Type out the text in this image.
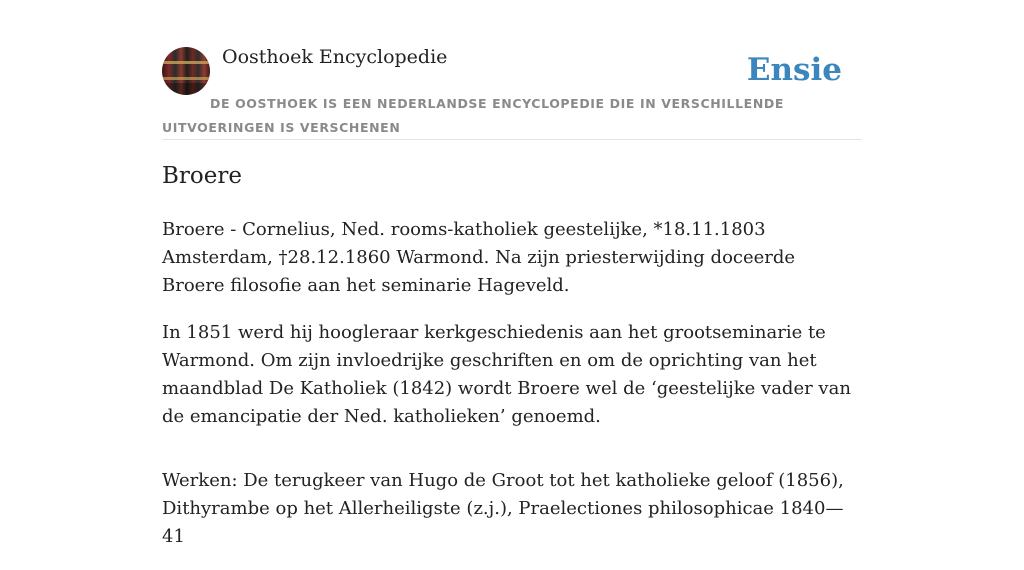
Oosthoek Encyclopedie	Ensie
DE OOSTHOEK IS EEN NEDERLANDSE ENCYCLOPEDIE DIE IN VERSCHILLENDE UITVOERINGEN IS VERSCHENEN
Broere

Broere - Cornelius, Ned. rooms-katholiek geestelijke, *18.11.1803 Amsterdam, †28.12.1860 Warmond. Na zijn priesterwijding doceerde Broere filosofie aan het seminarie Hageveld.

In 1851 werd hij hoogleraar kerkgeschiedenis aan het grootseminarie te Warmond. Om zijn invloedrijke geschriften en om de oprichting van het maandblad De Katholiek (1842) wordt Broere wel de ‘geestelijke vader van de emancipatie der Ned. katholieken’ genoemd.

Werken: De terugkeer van Hugo de Groot tot het katholieke geloof (1856), Dithyrambe op het Allerheiligste (z.j.), Praelectiones philosophicae 1840—41
